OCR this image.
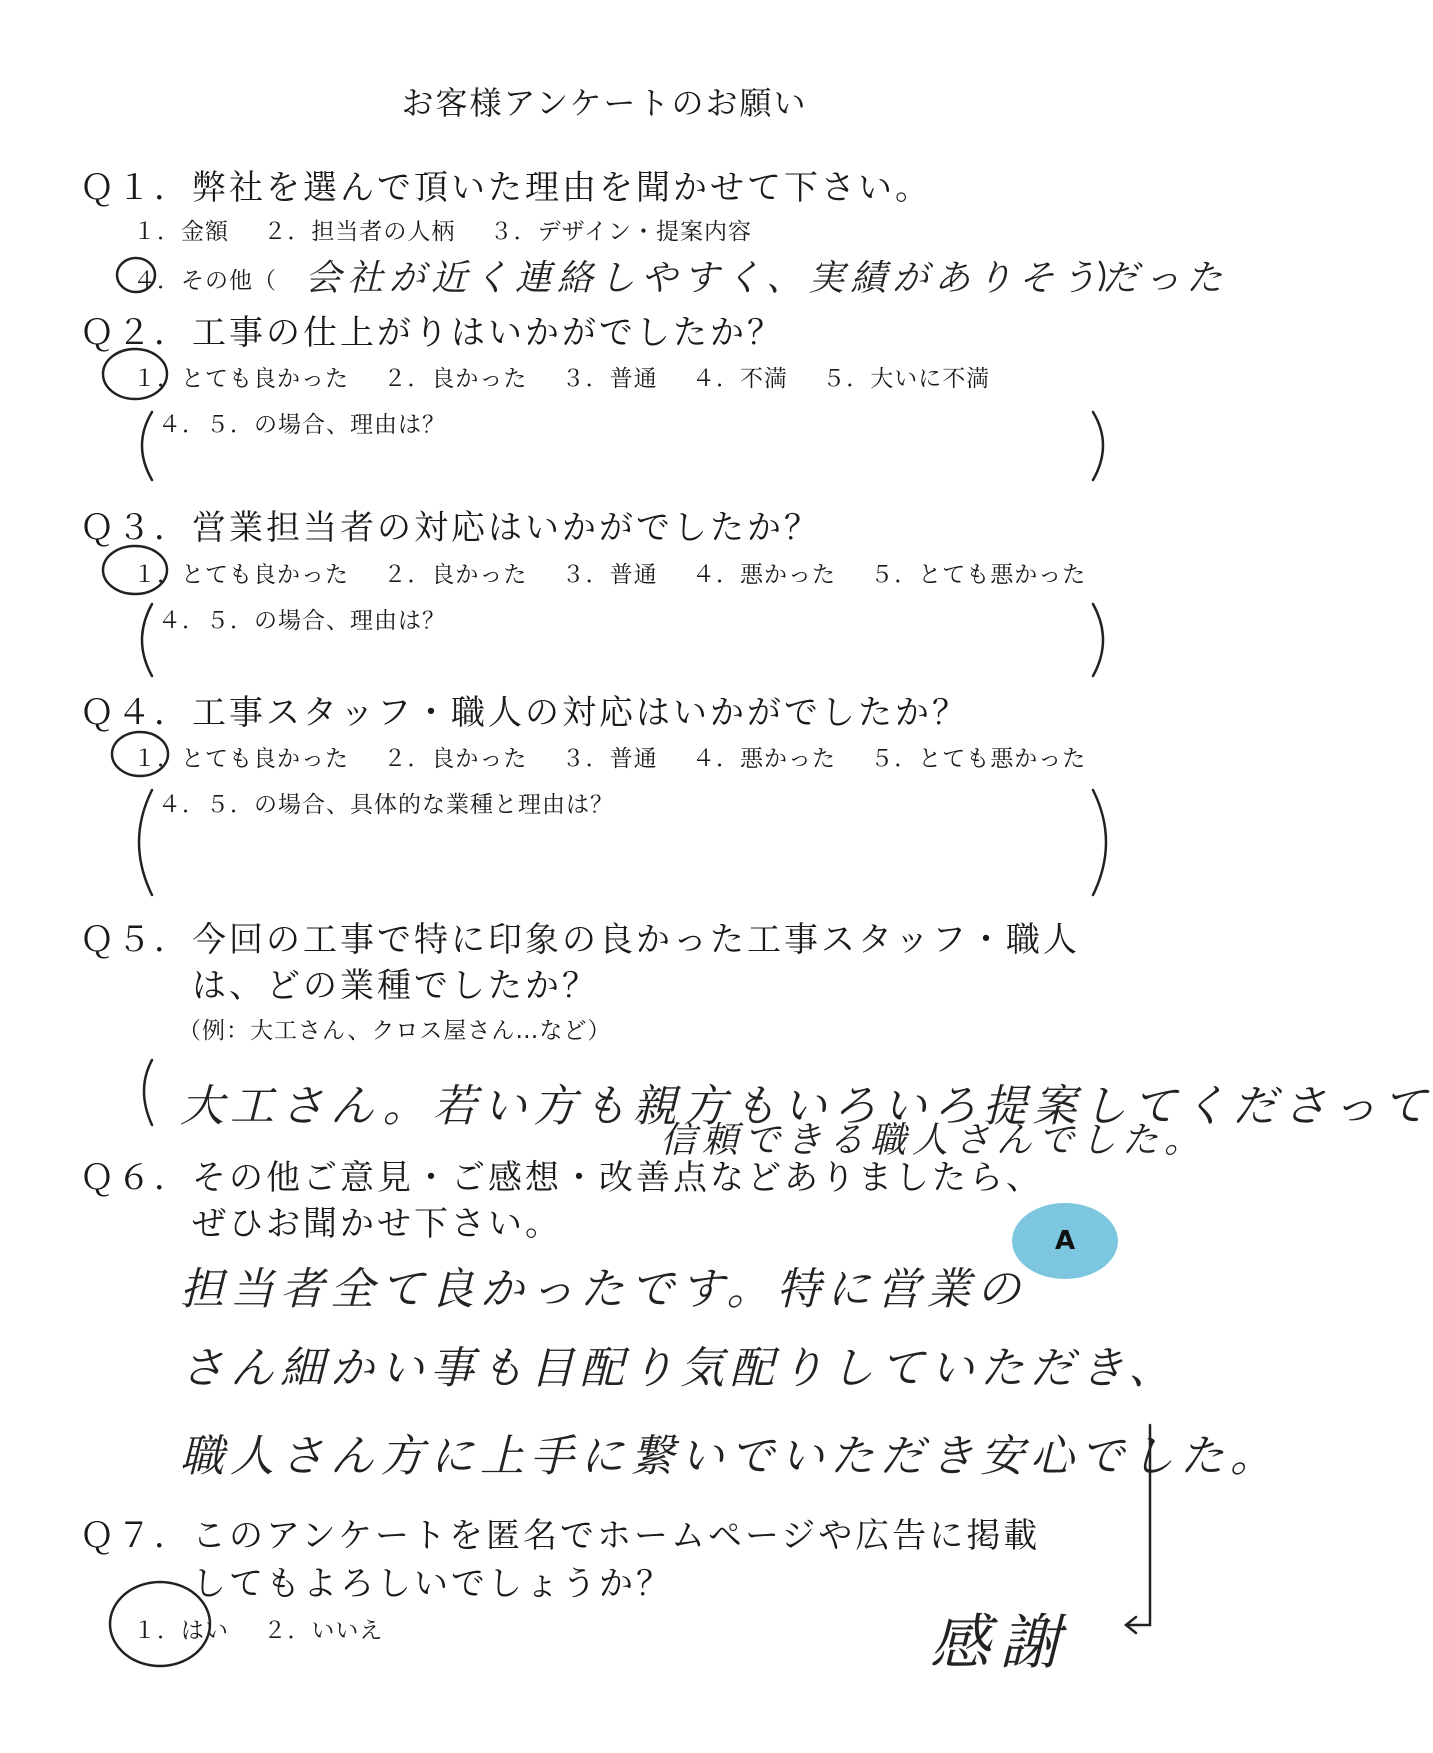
お客様アンケートのお願い
Ｑ１．弊社を選んで頂いた理由を聞かせて下さい。
１．金額 ２．担当者の人柄 ３．デザイン・提案内容
４．その他（ 会社が近く連絡しやすく、実績がありそうだった
Ｑ２．工事の仕上がりはいかがでしたか？
１．とても良かった ２．良かった ３．普通 ４．不満 ５．大いに不満
４．５．の場合、理由は？
Ｑ３．営業担当者の対応はいかがでしたか？
１．とても良かった ２．良かった ３．普通 ４．悪かった ５．とても悪かった
４．５．の場合、理由は？
Ｑ４．工事スタッフ・職人の対応はいかがでしたか？
１．とても良かった ２．良かった ３．普通 ４．悪かった ５．とても悪かった
４．５．の場合、具体的な業種と理由は？
Ｑ５．今回の工事で特に印象の良かった工事スタッフ・職人
は、どの業種でしたか？
（例：大工さん、クロス屋さん…など）
大工さん。若い方も親方もいろいろ提案してくださって
信頼できる職人さんでした。
Ｑ６．その他ご意見・ご感想・改善点などありましたら、
ぜひお聞かせ下さい。
担当者全て良かったです。特に営業の
A
さん細かい事も目配り気配りしていただき、
職人さん方に上手に繋いでいただき安心でした。
Ｑ７．このアンケートを匿名でホームページや広告に掲載
してもよろしいでしょうか？
１．はい ２．いいえ	感謝
